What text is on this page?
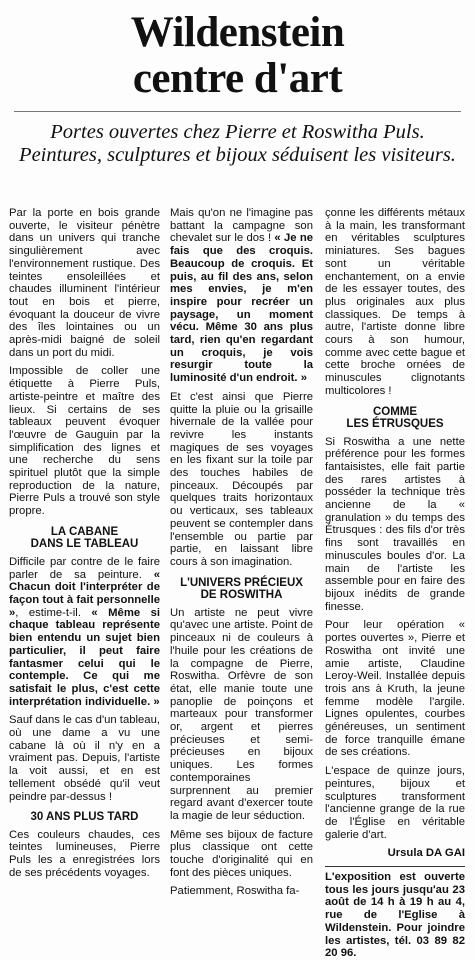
Wildenstein
centre d'art
Portes ouvertes chez Pierre et Roswitha Puls. Peintures, sculptures et bijoux séduisent les visiteurs.

Par la porte en bois grande ouverte, le visiteur pénètre dans un univers qui tranche singulièrement avec l'environnement rustique. Des teintes ensoleillées et chaudes illuminent l'intérieur tout en bois et pierre, évoquant la douceur de vivre des îles lointaines ou un après-midi baigné de soleil dans un port du midi.

Impossible de coller une étiquette à Pierre Puls, artiste-peintre et maître des lieux. Si certains de ses tableaux peuvent évoquer l'œuvre de Gauguin par la simplification des lignes et une recherche du sens spirituel plutôt que la simple reproduction de la nature, Pierre Puls a trouvé son style propre.

LA CABANE
DANS LE TABLEAU

Difficile par contre de le faire parler de sa peinture. « Chacun doit l'interpréter de façon tout à fait personnelle », estime-t-il. « Même si chaque tableau représente bien entendu un sujet bien particulier, il peut faire fantasmer celui qui le contemple. Ce qui me satisfait le plus, c'est cette interprétation individuelle. »

Sauf dans le cas d'un tableau, où une dame a vu une cabane là où il n'y en a vraiment pas. Depuis, l'artiste la voit aussi, et en est tellement obsédé qu'il veut peindre par-dessus !

30 ANS PLUS TARD

Ces couleurs chaudes, ces teintes lumineuses, Pierre Puls les a enregistrées lors de ses précédents voyages.

Mais qu'on ne l'imagine pas battant la campagne son chevalet sur le dos ! « Je ne fais que des croquis. Beaucoup de croquis. Et puis, au fil des ans, selon mes envies, je m'en inspire pour recréer un paysage, un moment vécu. Même 30 ans plus tard, rien qu'en regardant un croquis, je vois resurgir toute la luminosité d'un endroit. »

Et c'est ainsi que Pierre quitte la pluie ou la grisaille hivernale de la vallée pour revivre les instants magiques de ses voyages en les fixant sur la toile par des touches habiles de pinceaux. Découpés par quelques traits horizontaux ou verticaux, ses tableaux peuvent se contempler dans l'ensemble ou partie par partie, en laissant libre cours à son imagination.

L'UNIVERS PRÉCIEUX
DE ROSWITHA

Un artiste ne peut vivre qu'avec une artiste. Point de pinceaux ni de couleurs à l'huile pour les créations de la compagne de Pierre, Roswitha. Orfèvre de son état, elle manie toute une panoplie de poinçons et marteaux pour transformer or, argent et pierres précieuses et semi-précieuses en bijoux uniques. Les formes contemporaines surprennent au premier regard avant d'exercer toute la magie de leur séduction.

Même ses bijoux de facture plus classique ont cette touche d'originalité qui en font des pièces uniques.

Patiemment, Roswitha fa-

çonne les différents métaux à la main, les transformant en véritables sculptures miniatures. Ses bagues sont un véritable enchantement, on a envie de les essayer toutes, des plus originales aux plus classiques. De temps à autre, l'artiste donne libre cours à son humour, comme avec cette bague et cette broche ornées de minuscules clignotants multicolores !

COMME
LES ÉTRUSQUES

Si Roswitha a une nette préférence pour les formes fantaisistes, elle fait partie des rares artistes à posséder la technique très ancienne de la « granulation » du temps des Étrusques : des fils d'or très fins sont travaillés en minuscules boules d'or. La main de l'artiste les assemble pour en faire des bijoux inédits de grande finesse.

Pour leur opération « portes ouvertes », Pierre et Roswitha ont invité une amie artiste, Claudine Leroy-Weil. Installée depuis trois ans à Kruth, la jeune femme modèle l'argile. Lignes opulentes, courbes généreuses, un sentiment de force tranquille émane de ses créations.

L'espace de quinze jours, peintures, bijoux et sculptures transforment l'ancienne grange de la rue de l'Église en véritable galerie d'art.

Ursula DA GAI
L'exposition est ouverte tous les jours jusqu'au 23 août de 14 h à 19 h au 4, rue de l'Eglise à Wildenstein. Pour joindre les artistes, tél. 03 89 82 20 96.
